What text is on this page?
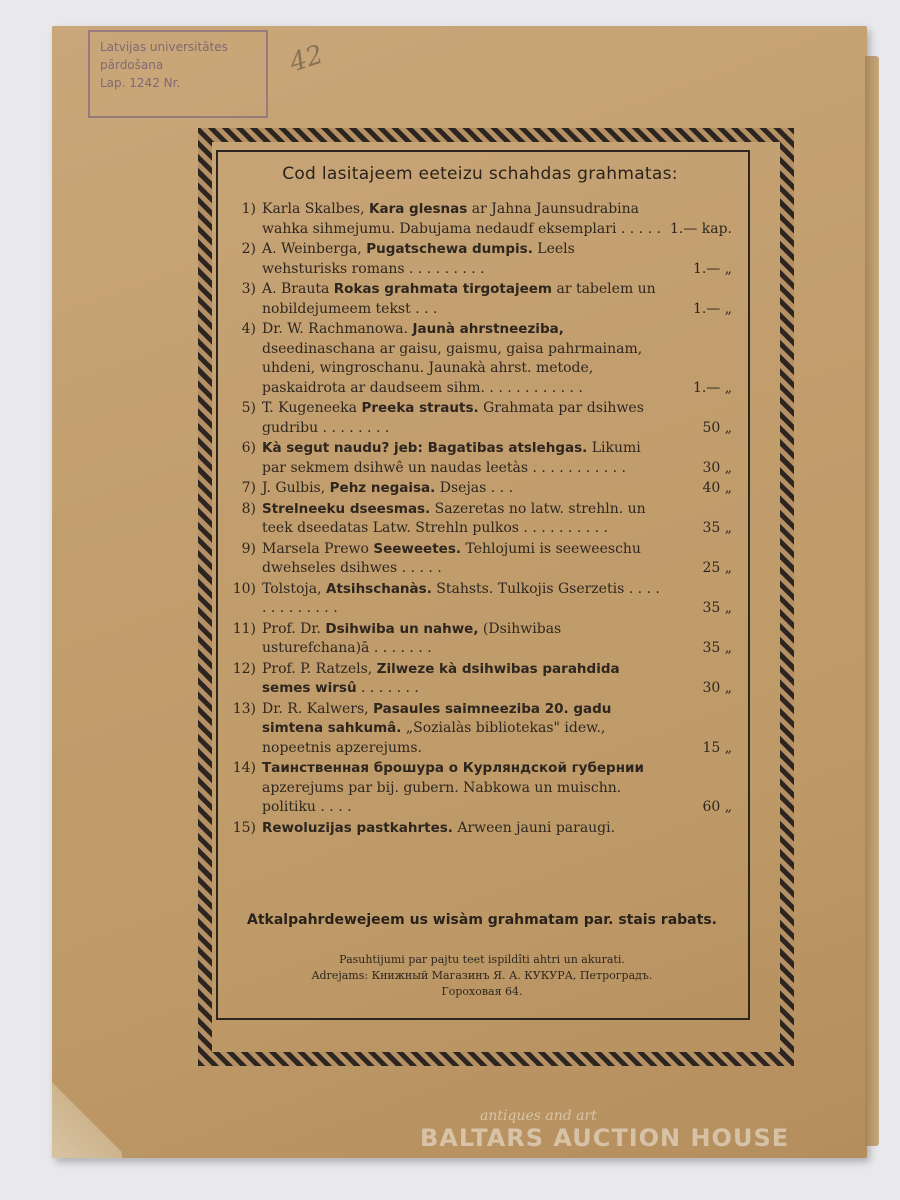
Latvijas universitātes
pārdošana
Lap. 1242 Nr.
42
Cod lasitajeem eeteizu schahdas grahmatas:
1) Karla Skalbes, Kara glesnas ar Jahna Jaunsudrabina wahka sihmejumu. Dabujama nedaudf eksemplari . . . . . 1.— kap.
2) A. Weinberga, Pugatschewa dumpis. Leels wehsturisks romans . . . . . . . . .	1.— „
3) A. Brauta Rokas grahmata tirgotajeem ar tabelem un nobildejumeem tekst . . .	1.— „
4) Dr. W. Rachmanowa. Jaunà ahrstneeziba, dseedinaschana ar gaisu, gaismu, gaisa pahrmainam, uhdeni, wingroschanu. Jaunakà ahrst. metode, paskaidrota ar daudseem sihm. . . . . . . . . . . .	1.— „
5) T. Kugeneeka Preeka strauts. Grahmata par dsihwes gudribu . . . . . . . .	50 „
6) Kà segut naudu? jeb: Bagatibas atslehgas. Likumi par sekmem dsihwê un naudas leetàs . . . . . . . . . . .	30 „
7) J. Gulbis, Pehz negaisa. Dsejas . . .	40 „
8) Strelneeku dseesmas. Sazeretas no latw. strehln. un teek dseedatas Latw. Strehln pulkos . . . . . . . . . .	35 „
9) Marsela Prewo Seeweetes. Tehlojumi is seeweeschu dwehseles dsihwes . . . . .	25 „
10) Tolstoja, Atsihschanàs. Stahsts. Tulkojis Gserzetis . . . . . . . . . . . . .	35 „
11) Prof. Dr. Dsihwiba un nahwe, (Dsihwibas usturefchana)ā . . . . . . .	35 „
12) Prof. P. Ratzels, Zilweze kà dsihwibas parahdida semes wirsû . . . . . . .	30 „
13) Dr. R. Kalwers, Pasaules saimneeziba 20. gadu simtena sahkumâ. „Sozialàs bibliotekas" idew., nopeetnis apzerejums.	15 „
14) Таинственная брошура о Курляндской губернии apzerejums par bij. gubern. Nabkowa un muischn. politiku . . . .	60 „
15) Rewoluzijas pastkahrtes. Arween jauni paraugi.
Atkalpahrdewejeem us wisàm grahmatam par. stais rabats.
Pasuhtijumi par pajtu teet ispildîti ahtri un akurati.
Adrejams: Книжный Магазинъ Я. А. КУКУРА, Петроградъ.
Гороховая 64.
antiques and art
BALTARS AUCTION HOUSE
